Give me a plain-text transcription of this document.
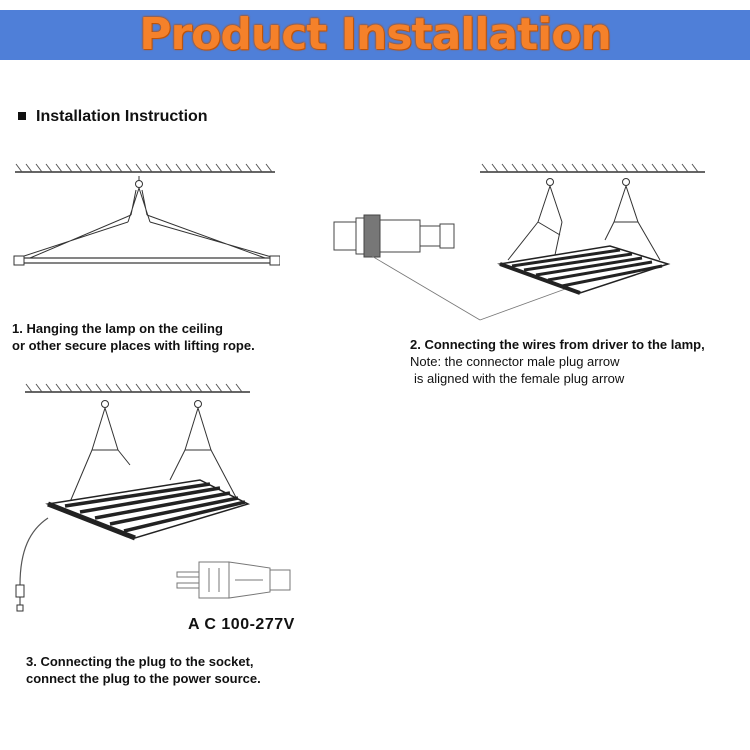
Product Installation
Installation Instruction
1. Hanging the lamp on the ceiling
or other secure places with lifting rope.	2. Connecting the wires from driver to the lamp,
Note: the connector male plug arrow
is aligned with the female plug arrow
A C 100-277V
3. Connecting the plug to the socket,
connect the plug to the power source.
